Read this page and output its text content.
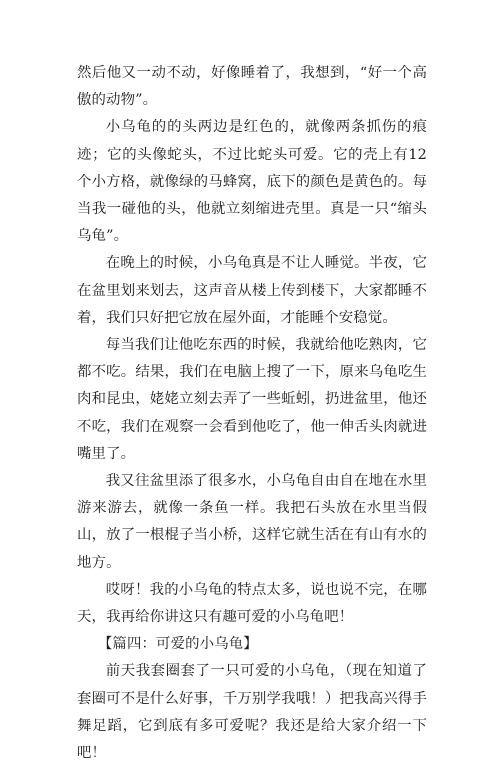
然后他又一动不动，好像睡着了，我想到，“好一个高傲的动物”。

小乌龟的的头两边是红色的，就像两条抓伤的痕迹；它的头像蛇头，不过比蛇头可爱。它的壳上有12个小方格，就像绿的马蜂窝，底下的颜色是黄色的。每当我一碰他的头，他就立刻缩进壳里。真是一只“缩头乌龟”。

在晚上的时候，小乌龟真是不让人睡觉。半夜，它在盆里划来划去，这声音从楼上传到楼下，大家都睡不着，我们只好把它放在屋外面，才能睡个安稳觉。

每当我们让他吃东西的时候，我就给他吃熟肉，它都不吃。结果，我们在电脑上搜了一下，原来乌龟吃生肉和昆虫，姥姥立刻去弄了一些蚯蚓，扔进盆里，他还不吃，我们在观察一会看到他吃了，他一伸舌头肉就进嘴里了。

我又往盆里添了很多水，小乌龟自由自在地在水里游来游去，就像一条鱼一样。我把石头放在水里当假山，放了一根棍子当小桥，这样它就生活在有山有水的地方。

哎呀！我的小乌龟的特点太多，说也说不完，在哪天，我再给你讲这只有趣可爱的小乌龟吧！

【篇四：可爱的小乌龟】

前天我套圈套了一只可爱的小乌龟，（现在知道了套圈可不是什么好事，千万别学我哦！）把我高兴得手舞足蹈，它到底有多可爱呢？我还是给大家介绍一下吧！
